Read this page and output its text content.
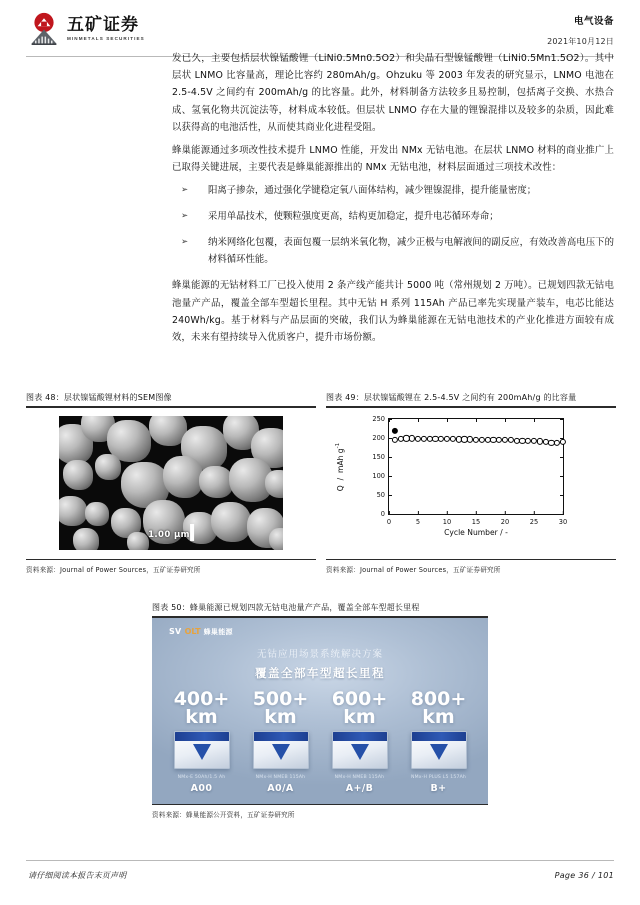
五矿证券
MINMETALS SECURITIES
电气设备
2021年10月12日

发已久，主要包括层状镍锰酸锂（LiNi0.5Mn0.5O2）和尖晶石型镍锰酸锂（LiNi0.5Mn1.5O2）。其中层状 LNMO 比容量高，理论比容约 280mAh/g。Ohzuku 等 2003 年发表的研究显示，LNMO 电池在 2.5-4.5V 之间约有 200mAh/g 的比容量。此外，材料制备方法较多且易控制，包括离子交换、水热合成、氢氧化物共沉淀法等，材料成本较低。但层状 LNMO 存在大量的锂镍混排以及较多的杂质，因此难以获得高的电池活性，从而使其商业化进程受阻。

蜂巢能源通过多项改性技术提升 LNMO 性能，开发出 NMx 无钴电池。在层状 LNMO 材料的商业推广上已取得关键进展，主要代表是蜂巢能源推出的 NMx 无钴电池，材料层面通过三项技术改性：

➢ 阳离子掺杂，通过强化学键稳定氧八面体结构，减少锂镍混排，提升能量密度；
➢ 采用单晶技术，使颗粒强度更高，结构更加稳定，提升电芯循环寿命；
➢ 纳米网络化包覆，表面包覆一层纳米氧化物，减少正极与电解液间的副反应，有效改善高电压下的材料循环性能。

蜂巢能源的无钴材料工厂已投入使用 2 条产线产能共计 5000 吨（常州规划 2 万吨）。已规划四款无钴电池量产产品，覆盖全部车型超长里程。其中无钴 H 系列 115Ah 产品已率先实现量产装车，电芯比能达 240Wh/kg。基于材料与产品层面的突破，我们认为蜂巢能源在无钴电池技术的产业化推进方面较有成效，未来有望持续导入优质客户，提升市场份额。

图表 48：层状镍锰酸锂材料的SEM图像
1.00 µm
资料来源：Journal of Power Sources，五矿证券研究所
图表 49：层状镍锰酸锂在 2.5-4.5V 之间约有 200mAh/g 的比容量
Q  /  mAh $g^{-1}$
0
50
100
150
200
250
0	5	10	15	20	25	30
Cycle Number / -
资料来源：Journal of Power Sources，五矿证券研究所
图表 50：蜂巢能源已规划四款无钴电池量产产品，覆盖全部车型超长里程
SV OLT 蜂巢能源
无钴应用场景系统解决方案
覆盖全部车型超长里程
400+
km
NMx-E 50Ah/1.5 Ah
A00
500+
km
NMx-H NMEB 115Ah
A0/A
600+
km
NMx-H NMEB 115Ah
A+/B
800+
km
NMx-H PLUS L5 157Ah
B+
资料来源：蜂巢能源公开资料，五矿证券研究所
请仔细阅读本报告末页声明	Page 36 / 101
